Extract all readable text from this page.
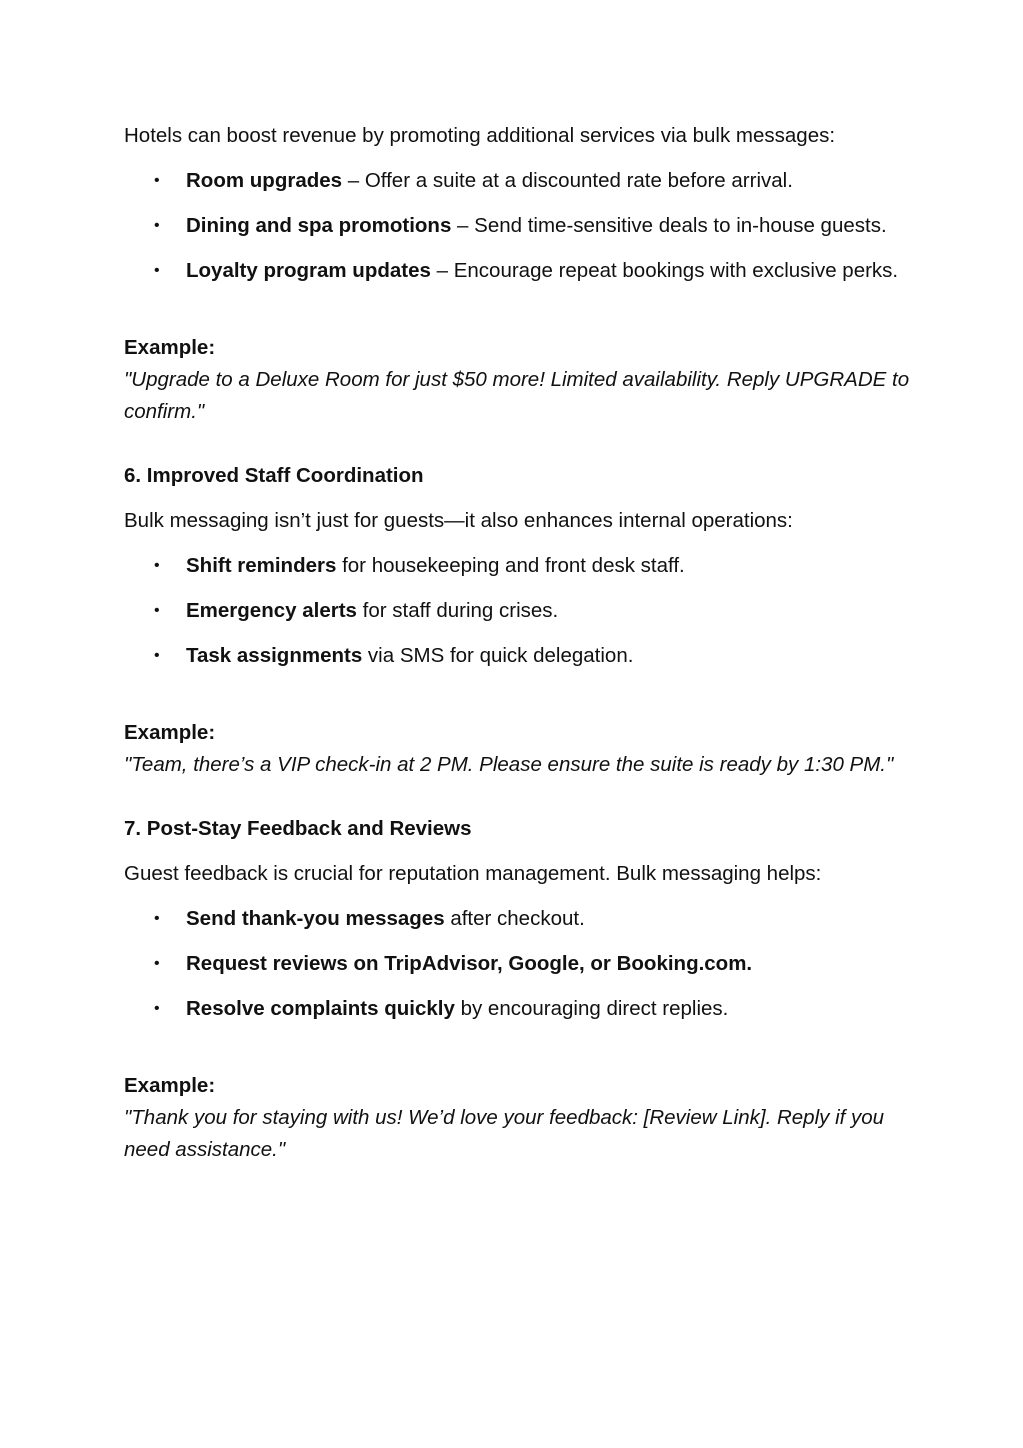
Hotels can boost revenue by promoting additional services via bulk messages:

• Room upgrades – Offer a suite at a discounted rate before arrival.
• Dining and spa promotions – Send time-sensitive deals to in-house guests.
• Loyalty program updates – Encourage repeat bookings with exclusive perks.

Example:

"Upgrade to a Deluxe Room for just $50 more! Limited availability. Reply UPGRADE to confirm."

6. Improved Staff Coordination

Bulk messaging isn’t just for guests—it also enhances internal operations:

• Shift reminders for housekeeping and front desk staff.
• Emergency alerts for staff during crises.
• Task assignments via SMS for quick delegation.

Example:

"Team, there’s a VIP check-in at 2 PM. Please ensure the suite is ready by 1:30 PM."

7. Post-Stay Feedback and Reviews

Guest feedback is crucial for reputation management. Bulk messaging helps:

• Send thank-you messages after checkout.
• Request reviews on TripAdvisor, Google, or Booking.com.
• Resolve complaints quickly by encouraging direct replies.

Example:

"Thank you for staying with us! We’d love your feedback: [Review Link]. Reply if you need assistance."
